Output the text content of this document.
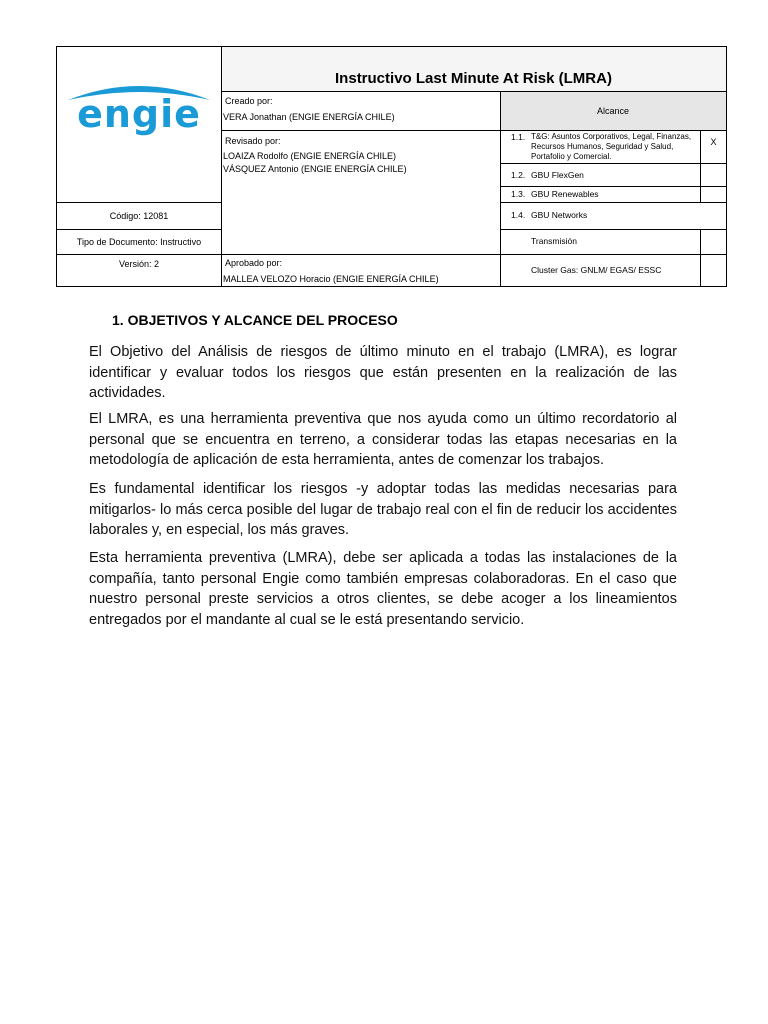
engie
Instructivo Last Minute At Risk (LMRA)
Creado por:
VERA Jonathan (ENGIE ENERGÍA CHILE)
Revisado por:
LOAIZA Rodolfo (ENGIE ENERGÍA CHILE)
VÁSQUEZ Antonio (ENGIE ENERGÍA CHILE)
Aprobado por:
MALLEA VELOZO Horacio (ENGIE ENERGÍA CHILE)
Código: 12081
Tipo de Documento: Instructivo
Versión: 2
Alcance
1.1. T&G: Asuntos Corporativos, Legal, Finanzas, Recursos Humanos, Seguridad y Salud, Portafolio y Comercial.
X
1.2. GBU FlexGen
1.3. GBU Renewables
1.4. GBU Networks
Transmisión
Cluster Gas: GNLM/ EGAS/ ESSC
1. OBJETIVOS Y ALCANCE DEL PROCESO
El Objetivo del Análisis de riesgos de último minuto en el trabajo (LMRA), es lograr identificar y evaluar todos los riesgos que están presenten en la realización de las actividades.
El LMRA, es una herramienta preventiva que nos ayuda como un último recordatorio al personal que se encuentra en terreno, a considerar todas las etapas necesarias en la metodología de aplicación de esta herramienta, antes de comenzar los trabajos.
Es fundamental identificar los riesgos -y adoptar todas las medidas necesarias para mitigarlos- lo más cerca posible del lugar de trabajo real con el fin de reducir los accidentes laborales y, en especial, los más graves.
Esta herramienta preventiva (LMRA), debe ser aplicada a todas las instalaciones de la compañía, tanto personal Engie como también empresas colaboradoras. En el caso que nuestro personal preste servicios a otros clientes, se debe acoger a los lineamientos entregados por el mandante al cual se le está presentando servicio.
